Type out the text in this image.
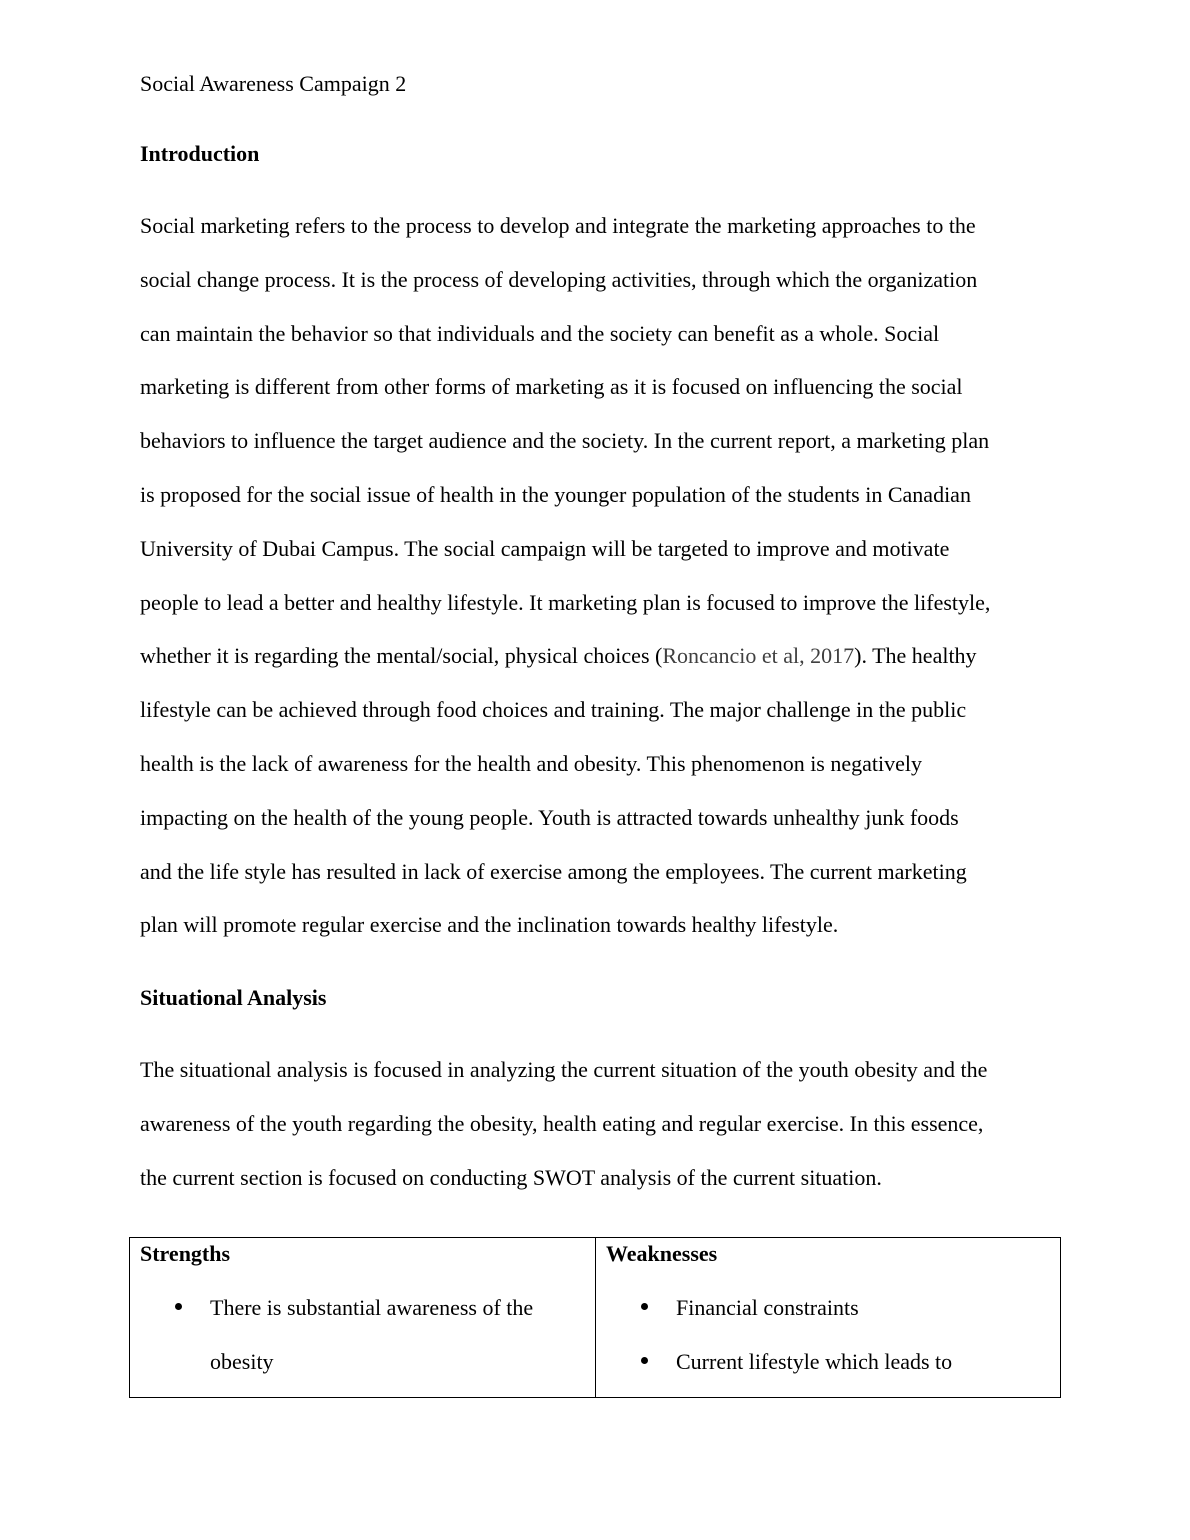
Social Awareness Campaign 2
Introduction
Social marketing refers to the process to develop and integrate the marketing approaches to the
social change process. It is the process of developing activities, through which the organization
can maintain the behavior so that individuals and the society can benefit as a whole. Social
marketing is different from other forms of marketing as it is focused on influencing the social
behaviors to influence the target audience and the society. In the current report, a marketing plan
is proposed for the social issue of health in the younger population of the students in Canadian
University of Dubai Campus. The social campaign will be targeted to improve and motivate
people to lead a better and healthy lifestyle. It marketing plan is focused to improve the lifestyle,
whether it is regarding the mental/social, physical choices (Roncancio et al, 2017). The healthy
lifestyle can be achieved through food choices and training. The major challenge in the public
health is the lack of awareness for the health and obesity. This phenomenon is negatively
impacting on the health of the young people. Youth is attracted towards unhealthy junk foods
and the life style has resulted in lack of exercise among the employees. The current marketing
plan will promote regular exercise and the inclination towards healthy lifestyle.
Situational Analysis
The situational analysis is focused in analyzing the current situation of the youth obesity and the
awareness of the youth regarding the obesity, health eating and regular exercise. In this essence,
the current section is focused on conducting SWOT analysis of the current situation.
Strengths
There is substantial awareness of the
obesity
Weaknesses
Financial constraints
Current lifestyle which leads to
